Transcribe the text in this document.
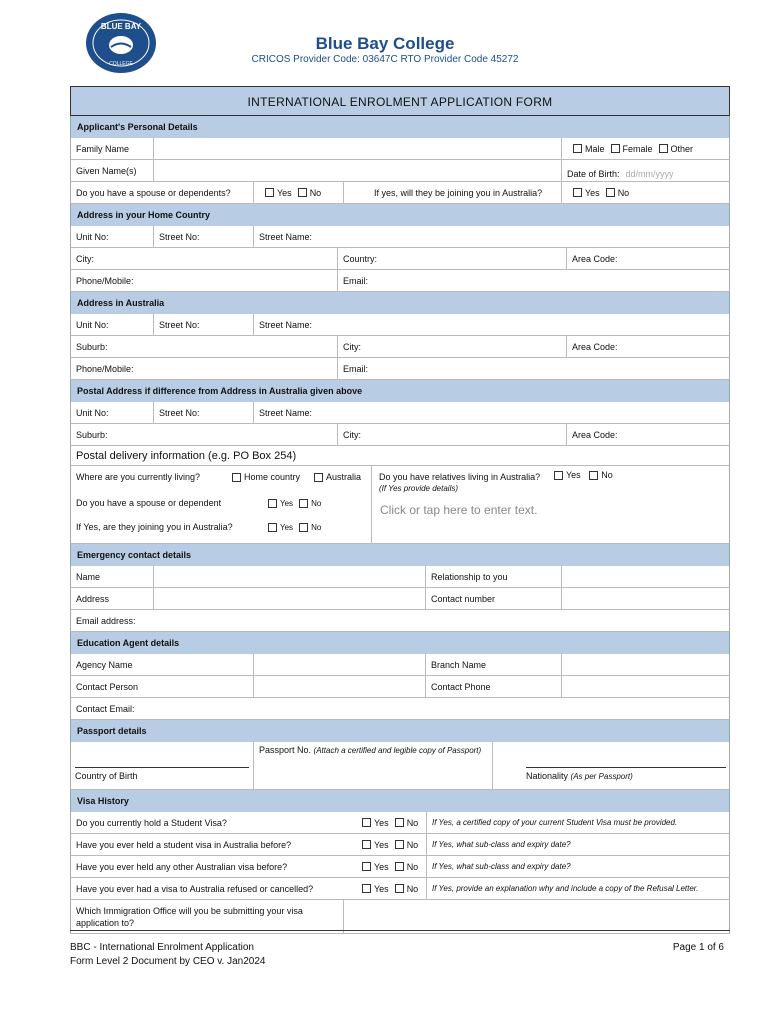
BLUE BAY
COLLEGE
Blue Bay College
CRICOS Provider Code: 03647C RTO Provider Code 45272
INTERNATIONAL ENROLMENT APPLICATION FORM
Applicant's Personal Details
Family Name	Male Female Other
Given Name(s)	Date of Birth: dd/mm/yyyy
Do you have a spouse or dependents?	Yes No	If yes, will they be joining you in Australia?	Yes No
Address in your Home Country
Unit No:	Street No:	Street Name:
City:	Country:	Area Code:
Phone/Mobile:	Email:
Address in Australia
Unit No:	Street No:	Street Name:
Suburb:	City:	Area Code:
Phone/Mobile:	Email:
Postal Address if difference from Address in Australia given above
Unit No:	Street No:	Street Name:
Suburb:	City:	Area Code:
Postal delivery information (e.g. PO Box 254)
Where are you currently living?	Home country	Australia
Do you have a spouse or dependent	Yes No
If Yes, are they joining you in Australia?	Yes No
Do you have relatives living in Australia?
(If Yes provide details)
Yes No
Click or tap here to enter text.
Emergency contact details
Name	Relationship to you
Address	Contact number
Email address:
Education Agent details
Agency Name	Branch Name
Contact Person	Contact Phone
Contact Email:
Passport details
Country of Birth
Passport No. (Attach a certified and legible copy of Passport)
Nationality (As per Passport)
Visa History
Do you currently hold a Student Visa?	Yes No	If Yes, a certified copy of your current Student Visa must be provided.
Have you ever held a student visa in Australia before?	Yes No	If Yes, what sub-class and expiry date?
Have you ever held any other Australian visa before?	Yes No	If Yes, what sub-class and expiry date?
Have you ever had a visa to Australia refused or cancelled?	Yes No	If Yes, provide an explanation why and include a copy of the Refusal Letter.
Which Immigration Office will you be submitting your visa application to?
BBC - International Enrolment Application
Form Level 2 Document by CEO v. Jan2024
Page 1 of 6
